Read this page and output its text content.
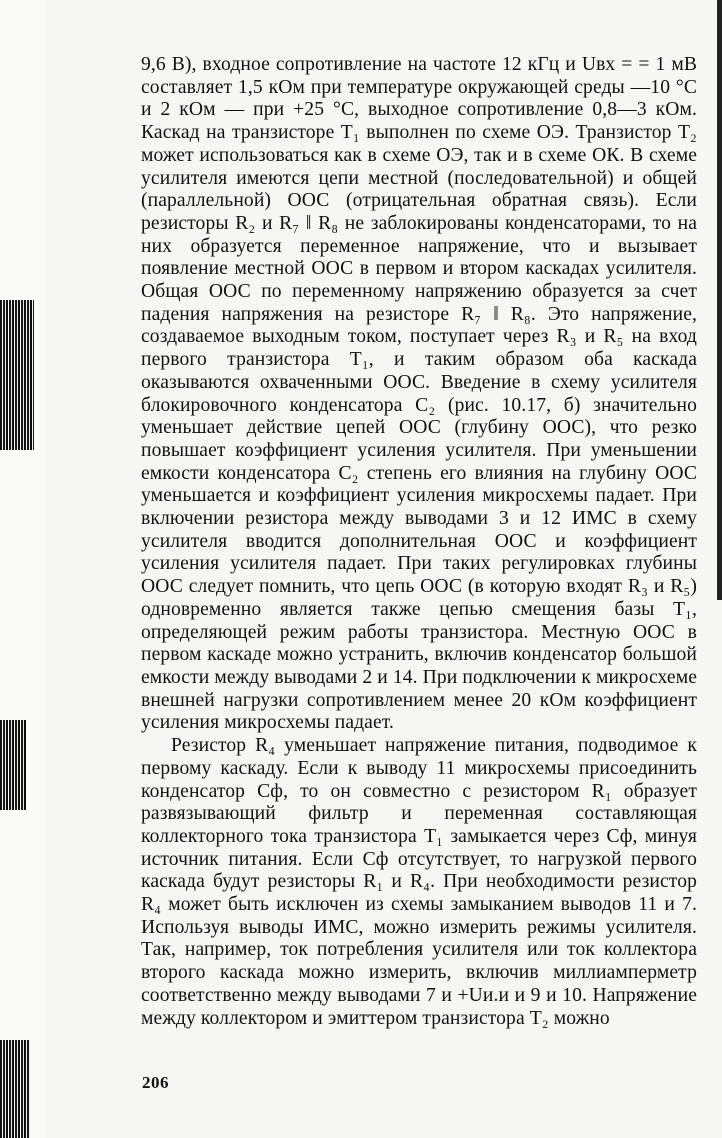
9,6 В), входное сопротивление на частоте 12 кГц и Uвх = = 1 мВ составляет 1,5 кОм при температуре окружающей среды —10 °С и 2 кОм — при +25 °С, выходное сопротивление 0,8—3 кОм. Каскад на транзисторе T₁ выполнен по схеме ОЭ. Транзистор T₂ может использоваться как в схеме ОЭ, так и в схеме ОК. В схеме усилителя имеются цепи местной (последовательной) и общей (параллельной) ООС (отрицательная обратная связь). Если резисторы R₂ и R₇ ‖ R₈ не заблокированы конденсаторами, то на них образуется переменное напряжение, что и вызывает появление местной ООС в первом и втором каскадах усилителя. Общая ООС по переменному напряжению образуется за счет падения напряжения на резисторе R₇ ‖ R₈. Это напряжение, создаваемое выходным током, поступает через R₃ и R₅ на вход первого транзистора T₁, и таким образом оба каскада оказываются охваченными ООС. Введение в схему усилителя блокировочного конденсатора C₂ (рис. 10.17, б) значительно уменьшает действие цепей ООС (глубину ООС), что резко повышает коэффициент усиления усилителя. При уменьшении емкости конденсатора C₂ степень его влияния на глубину ООС уменьшается и коэффициент усиления микросхемы падает. При включении резистора между выводами 3 и 12 ИМС в схему усилителя вводится дополнительная ООС и коэффициент усиления усилителя падает. При таких регулировках глубины ООС следует помнить, что цепь ООС (в которую входят R₃ и R₅) одновременно является также цепью смещения базы T₁, определяющей режим работы транзистора. Местную ООС в первом каскаде можно устранить, включив конденсатор большой емкости между выводами 2 и 14. При подключении к микросхеме внешней нагрузки сопротивлением менее 20 кОм коэффициент усиления микросхемы падает.

Резистор R₄ уменьшает напряжение питания, подводимое к первому каскаду. Если к выводу 11 микросхемы присоединить конденсатор Cф, то он совместно с резистором R₁ образует развязывающий фильтр и переменная составляющая коллекторного тока транзистора T₁ замыкается через Cф, минуя источник питания. Если Cф отсутствует, то нагрузкой первого каскада будут резисторы R₁ и R₄. При необходимости резистор R₄ может быть исключен из схемы замыканием выводов 11 и 7. Используя выводы ИМС, можно измерить режимы усилителя. Так, например, ток потребления усилителя или ток коллектора второго каскада можно измерить, включив миллиамперметр соответственно между выводами 7 и +Uи.и и 9 и 10. Напряжение между коллектором и эмиттером транзистора T₂ можно

206
